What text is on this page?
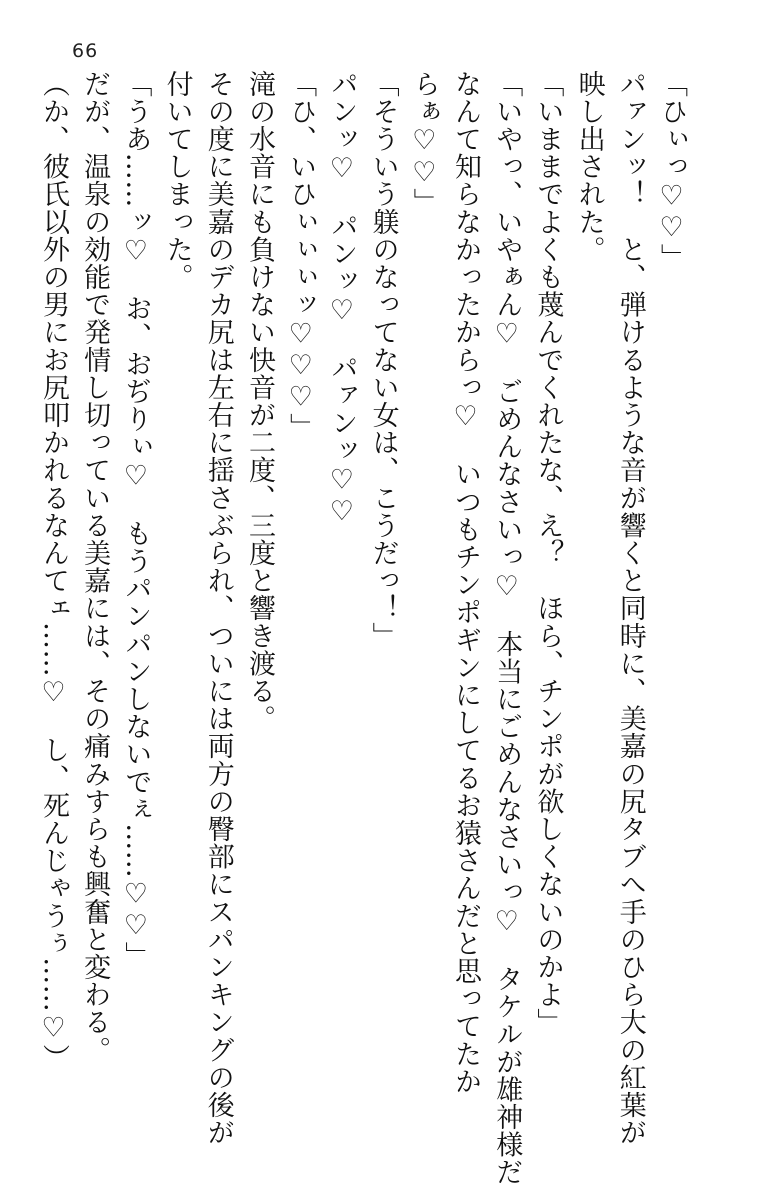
66

「ひぃっ♡♡」

パァンッ！　と、弾けるような音が響くと同時に、美嘉の尻タブへ手のひら大の紅葉が

映し出された。

「いままでよくも蔑んでくれたな、え？　ほら、チンポが欲しくないのかよ」

「いやっ、いやぁん♡　ごめんなさいっ♡　本当にごめんなさいっ♡　タケルが雄神様だ

なんて知らなかったからっ♡　いつもチンポギンにしてるお猿さんだと思ってたか

らぁ♡♡」

「そういう躾のなってない女は、こうだっ！」

パンッ♡　パンッ♡　パァンッ♡♡

「ひ、いひぃぃぃッ♡♡♡」

滝の水音にも負けない快音が二度、三度と響き渡る。

その度に美嘉のデカ尻は左右に揺さぶられ、ついには両方の臀部にスパンキングの後が

付いてしまった。

「うあ……ッ♡　お、おぢりぃ♡　もうパンパンしないでぇ……♡♡」

だが、温泉の効能で発情し切っている美嘉には、その痛みすらも興奮と変わる。

（か、彼氏以外の男にお尻叩かれるなんてェ……♡　し、死んじゃうぅ……♡）
